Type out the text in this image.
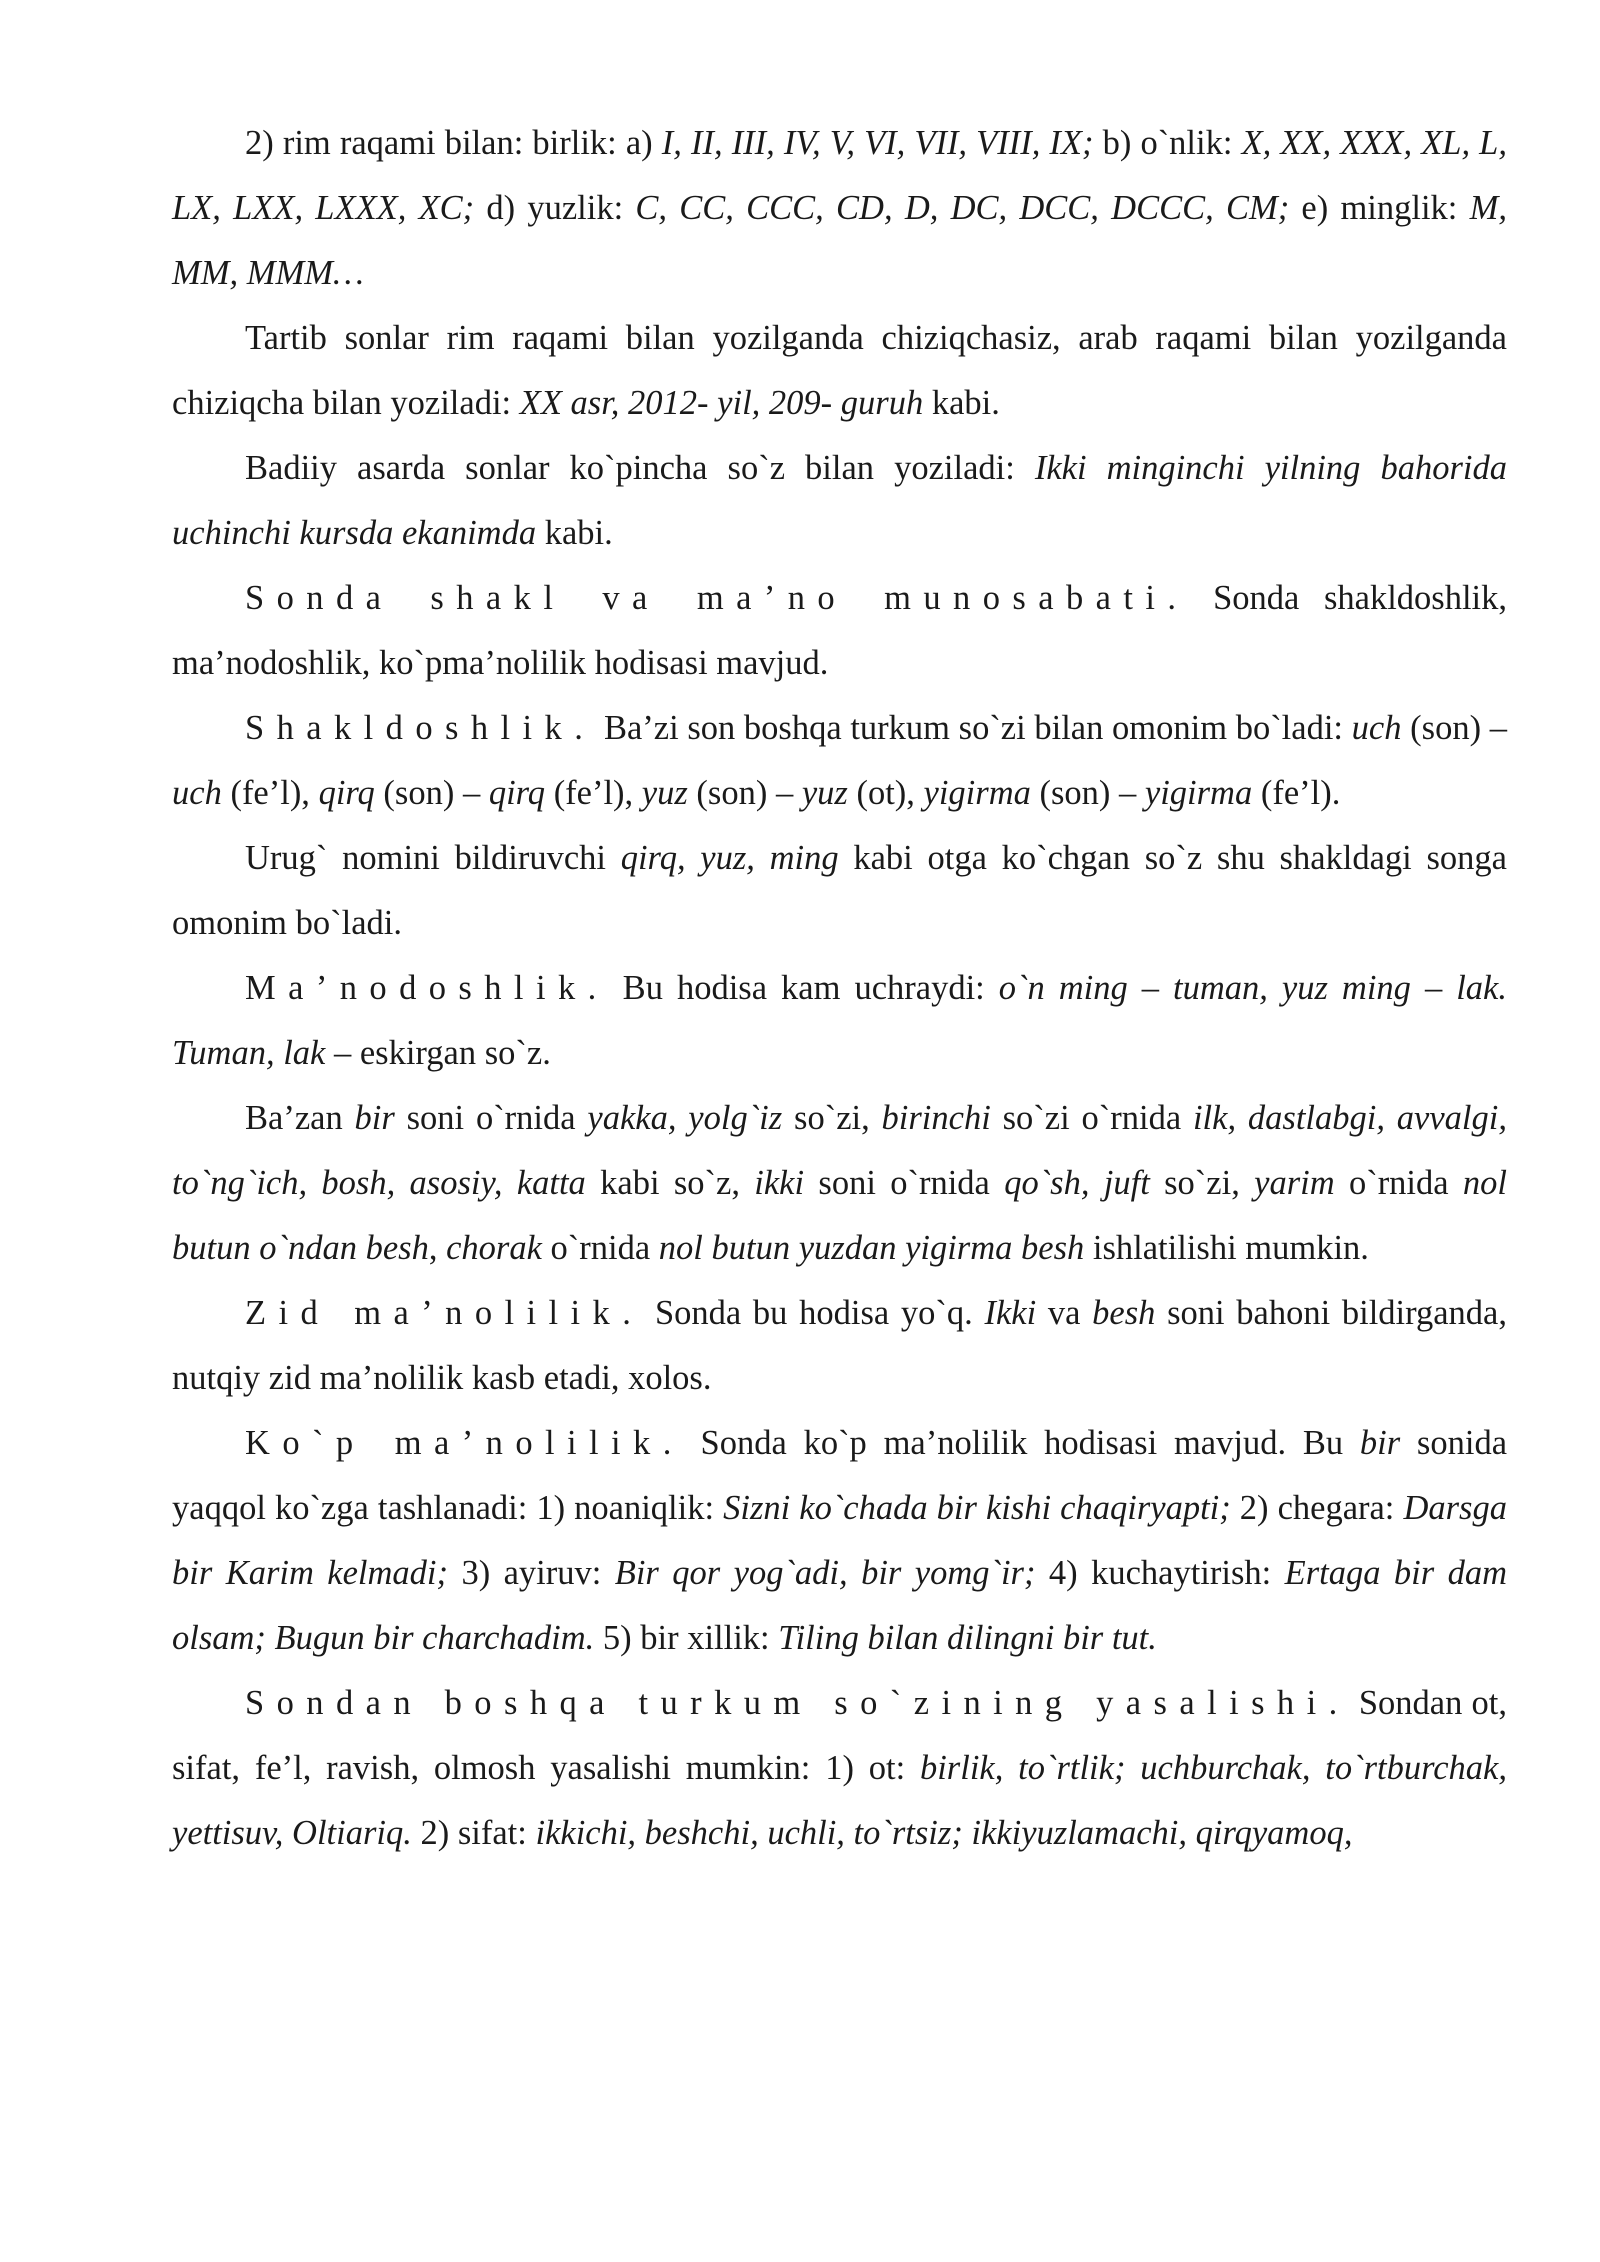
2) rim raqami bilan: birlik: a) I, II, III, IV, V, VI, VII, VIII, IX; b) o`nlik: X, XX, XXX, XL, L, LX, LXX, LXXX, XC; d) yuzlik: C, CC, CCC, CD, D, DC, DCC, DCCC, CM; e) minglik: M, MM, MMM…

Tartib sonlar rim raqami bilan yozilganda chiziqchasiz, arab raqami bilan yozilganda chiziqcha bilan yoziladi: XX asr, 2012- yil, 209- guruh kabi.

Badiiy asarda sonlar ko`pincha so`z bilan yoziladi: Ikki minginchi yilning bahorida uchinchi kursda ekanimda kabi.

Sonda shakl va ma’no munosabati. Sonda shakldoshlik, ma’nodoshlik, ko`pma’nolilik hodisasi mavjud.

Shakldoshlik. Ba’zi son boshqa turkum so`zi bilan omonim bo`ladi: uch (son) – uch (fe’l), qirq (son) – qirq (fe’l), yuz (son) – yuz (ot), yigirma (son) – yigirma (fe’l).

Urug` nomini bildiruvchi qirq, yuz, ming kabi otga ko`chgan so`z shu shakldagi songa omonim bo`ladi.

Ma’nodoshlik. Bu hodisa kam uchraydi: o`n ming – tuman, yuz ming – lak. Tuman, lak – eskirgan so`z.

Ba’zan bir soni o`rnida yakka, yolg`iz so`zi, birinchi so`zi o`rnida ilk, dastlabgi, avvalgi, to`ng`ich, bosh, asosiy, katta kabi so`z, ikki soni o`rnida qo`sh, juft so`zi, yarim o`rnida nol butun o`ndan besh, chorak o`rnida nol butun yuzdan yigirma besh ishlatilishi mumkin.

Zid ma’nolilik. Sonda bu hodisa yo`q. Ikki va besh soni bahoni bildirganda, nutqiy zid ma’nolilik kasb etadi, xolos.

Ko`p ma’nolilik. Sonda ko`p ma’nolilik hodisasi mavjud. Bu bir sonida yaqqol ko`zga tashlanadi: 1) noaniqlik: Sizni ko`chada bir kishi chaqiryapti; 2) chegara: Darsga bir Karim kelmadi; 3) ayiruv: Bir qor yog`adi, bir yomg`ir; 4) kuchaytirish: Ertaga bir dam olsam; Bugun bir charchadim. 5) bir xillik: Tiling bilan dilingni bir tut.

Sondan boshqa turkum so`zining yasalishi. Sondan ot, sifat, fe’l, ravish, olmosh yasalishi mumkin: 1) ot: birlik, to`rtlik; uchburchak, to`rtburchak, yettisuv, Oltiariq. 2) sifat: ikkichi, beshchi, uchli, to`rtsiz; ikkiyuzlamachi, qirqyamoq,
